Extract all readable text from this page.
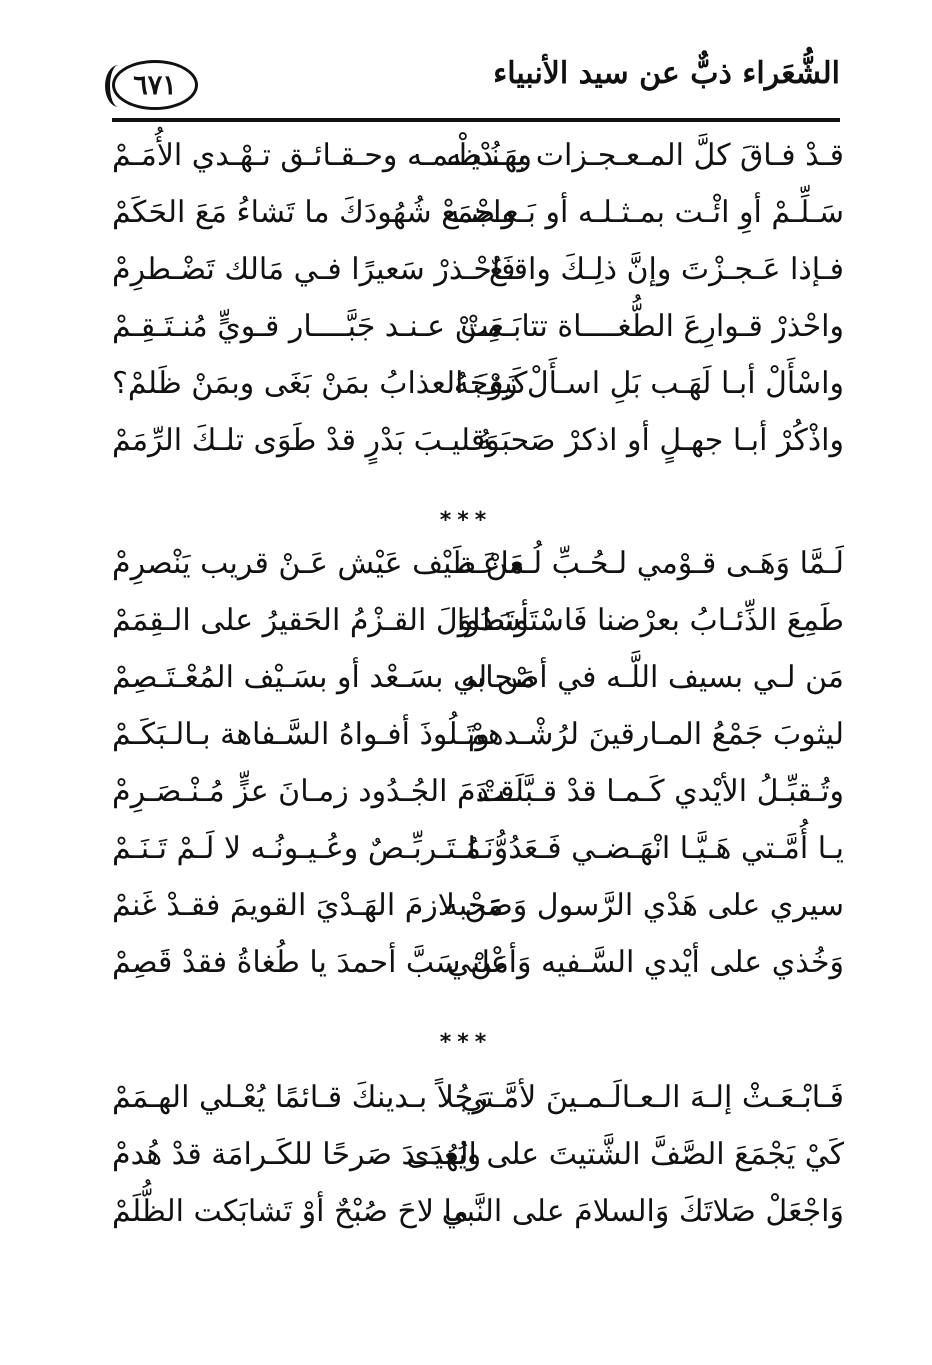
الشُّعَراء ذبٌّ عن سيد الأنبياء
٦٧١
قـدْ فـاقَ كلَّ المـعـجـزات بهَـدْيـه
وبـنُـظْـمـه وحـقـائـق تـهْـدي الأُمَـمْ
سَـلِّـمْ أوِ ائْـت بمـثـلـه أو بَـعـضـه
واجْمَعْ شُهُودَكَ ما تَشاءُ مَعَ الحَكَمْ
فـإذا عَـجـزْتَ وإنَّ ذلِـكَ واقـعٌ
فَاحْـذرْ سَعيرًا فـي مَالك تَضْـطرِمْ
واحْذرْ قـوارِعَ الطُّغــــاة تتابَـعَتْ
مِـنْ عـنـد جَبَّــــار قـويٍّ مُنـتَـقِـمْ
واسْأَلْ أبـا لَهَـب بَلِ اسـأَلْ زَوْجَهُ
كَيفَ العذابُ بمَنْ بَغَى وبمَنْ ظَلمْ؟
واذْكُرْ أبـا جهـلٍ أو اذكرْ صَحبَـهُ
وَقليـبَ بَدْرٍ قدْ طَوَى تلـكَ الرِّمَمْ
***
لَـمَّا وَهَـى قـوْمي لـحُـبِّ لُـعَاعَـة
منْ طَيْف عَيْش عَـنْ قريب يَنْصرِمْ
طَمِعَ الذِّئـابُ بعرْضنا فَاسْتَأسَدُوا
وتَطاوَلَ القـزْمُ الحَقيرُ على الـقِمَمْ
مَن لـي بسيف اللَّـه في أصْحابه
مَن لي بسَـعْد أو بسَـيْف المُعْـتَـصِمْ
ليثوبَ جَمْعُ المـارقينَ لرُشْـدهمْ
وتَـلُوذَ أفـواهُ السَّـفاهة بـالـبَكَـمْ
وتُـقبِّـلُ الأيْدي كَـمـا قدْ قـبَّلَـتْ
قـدَمَ الجُـدُود زمـانَ عزٍّ مُـنْـصَـرِمْ
يـا أُمَّـتي هَـيَّـا انْهَـضـي فَـعَدُوُّنَـا
مُـتَـربِّـصٌ وعُـيـونُـه لا لَـمْ تَـنَـمْ
سيري على هَدْي الرَّسول وَصَحْبه
مَن لازمَ الهَـدْيَ القويمَ فقـدْ غَنمْ
وَخُذي على أيْدي السَّـفيه وَأعْلني
مَنْ سَبَّ أحمدَ يا طُغاةُ فقدْ قَصِمْ
***
فَـابْـعَـثْ إلـهَ الـعـالَـمـينَ لأمَّـتي
رَجُلاً بـدينكَ قـائمًا يُعْـلي الهـمَمْ
كَيْ يَجْمَعَ الصَّفَّ الشَّتيتَ على الهُدَى
ويُعيــدَ صَرحًا للكَـرامَة قدْ هُدمْ
وَاجْعَلْ صَلاتَكَ وَالسلامَ على النَّبي
ما لاحَ صُبْحٌ أوْ تَشابَكت الظُّلَمْ
